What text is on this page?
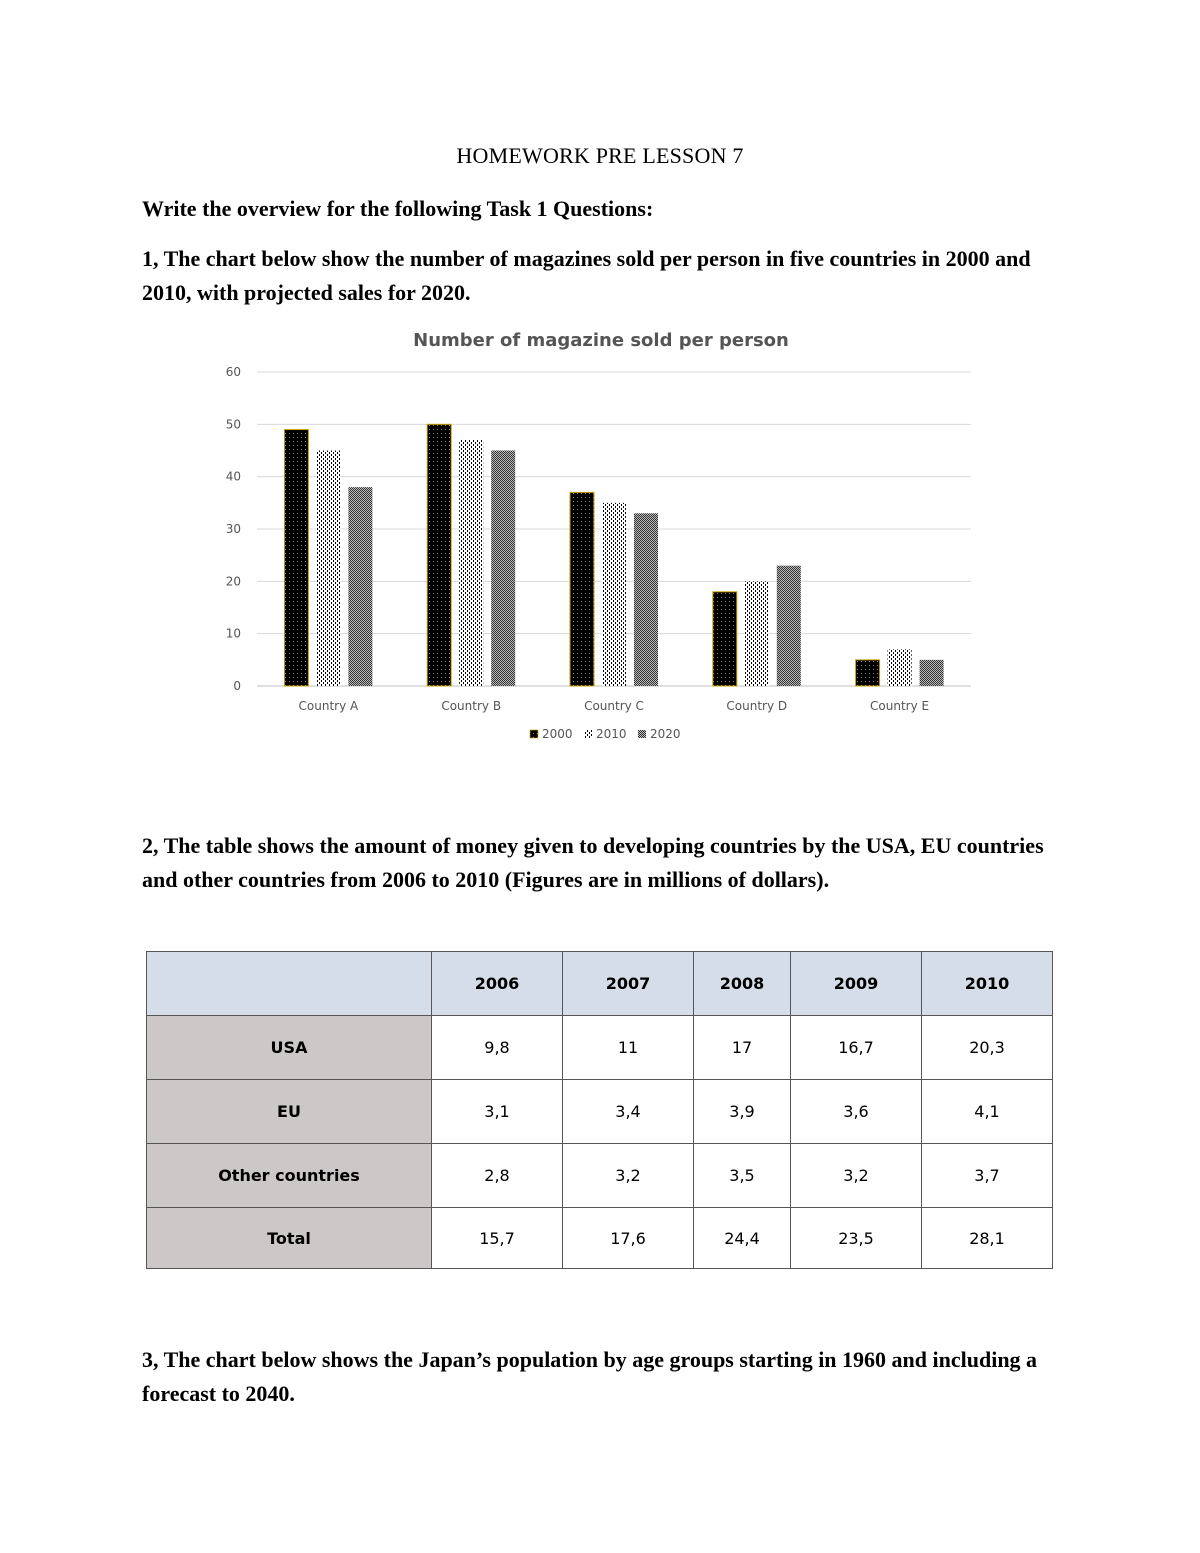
HOMEWORK PRE LESSON 7
Write the overview for the following Task 1 Questions:
1, The chart below show the number of magazines sold per person in five countries in 2000 and 2010, with projected sales for 2020.
Number of magazine sold per person
0
10
20
30
40
50
60
Country A	Country B	Country C	Country D	Country E
2000 2010 2020
2, The table shows the amount of money given to developing countries by the USA, EU countries and other countries from 2006 to 2010 (Figures are in millions of dollars).
	2006	2007	2008	2009	2010
USA	9,8	11	17	16,7	20,3
EU	3,1	3,4	3,9	3,6	4,1
Other countries	2,8	3,2	3,5	3,2	3,7
Total	15,7	17,6	24,4	23,5	28,1
3, The chart below shows the Japan’s population by age groups starting in 1960 and including a forecast to 2040.
